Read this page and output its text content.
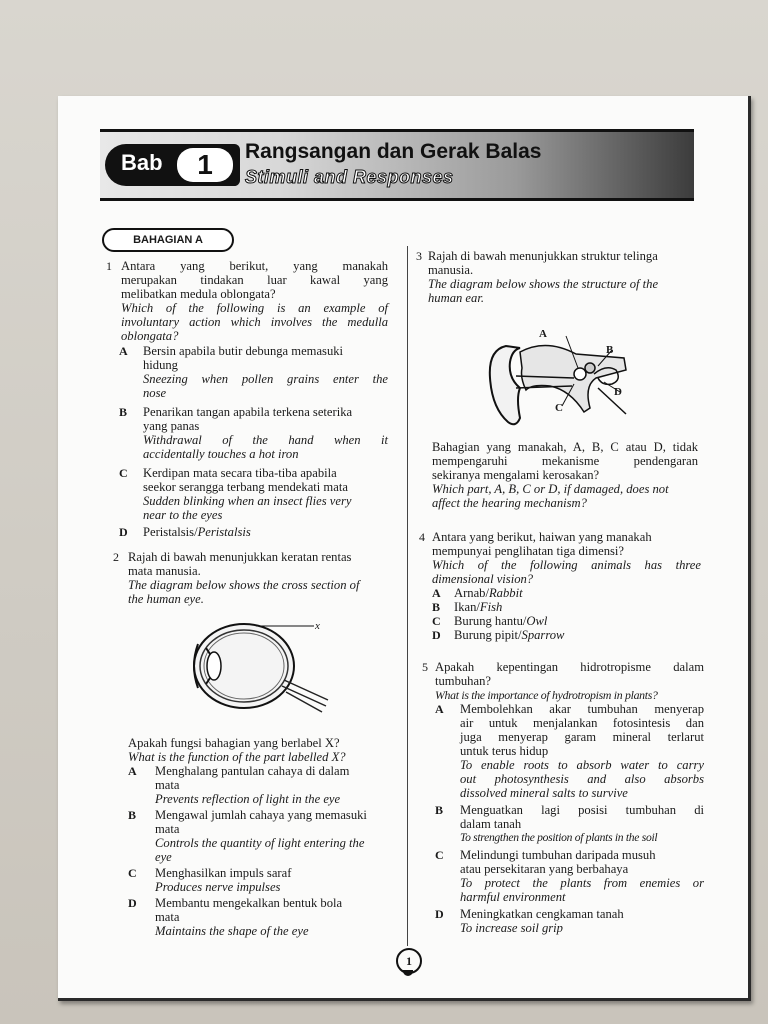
Bab	1	Rangsangan dan Gerak Balas
Stimuli and Responses
BAHAGIAN A
1 Antara yang berikut, yang manakah
merupakan tindakan luar kawal yang
melibatkan medula oblongata?
Which of the following is an example of
involuntary action which involves the medulla
oblongata?
A Bersin apabila butir debunga memasuki
hidung
Sneezing when pollen grains enter the
nose
B Penarikan tangan apabila terkena seterika
yang panas
Withdrawal of the hand when it
accidentally touches a hot iron
C Kerdipan mata secara tiba-tiba apabila
seekor serangga terbang mendekati mata
Sudden blinking when an insect flies very
near to the eyes
D Peristalsis/Peristalsis
2 Rajah di bawah menunjukkan keratan rentas
mata manusia.
The diagram below shows the cross section of
the human eye.
x
Apakah fungsi bahagian yang berlabel X?
What is the function of the part labelled X?
A Menghalang pantulan cahaya di dalam
mata
Prevents reflection of light in the eye
B Mengawal jumlah cahaya yang memasuki
mata
Controls the quantity of light entering the
eye
C Menghasilkan impuls saraf
Produces nerve impulses
D Membantu mengekalkan bentuk bola
mata
Maintains the shape of the eye
3 Rajah di bawah menunjukkan struktur telinga
manusia.
The diagram below shows the structure of the
human ear.
A
B
C
D
Bahagian yang manakah, A, B, C atau D, tidak
mempengaruhi mekanisme pendengaran
sekiranya mengalami kerosakan?
Which part, A, B, C or D, if damaged, does not
affect the hearing mechanism?
4 Antara yang berikut, haiwan yang manakah
mempunyai penglihatan tiga dimensi?
Which of the following animals has three
dimensional vision?
A Arnab/Rabbit
B Ikan/Fish
C Burung hantu/Owl
D Burung pipit/Sparrow
5 Apakah kepentingan hidrotropisme dalam
tumbuhan?
What is the importance of hydrotropism in plants?
A Membolehkan akar tumbuhan menyerap
air untuk menjalankan fotosintesis dan
juga menyerap garam mineral terlarut
untuk terus hidup
To enable roots to absorb water to carry
out photosynthesis and also absorbs
dissolved mineral salts to survive
B Menguatkan lagi posisi tumbuhan di
dalam tanah
To strengthen the position of plants in the soil
C Melindungi tumbuhan daripada musuh
atau persekitaran yang berbahaya
To protect the plants from enemies or
harmful environment
D Meningkatkan cengkaman tanah
To increase soil grip
1
